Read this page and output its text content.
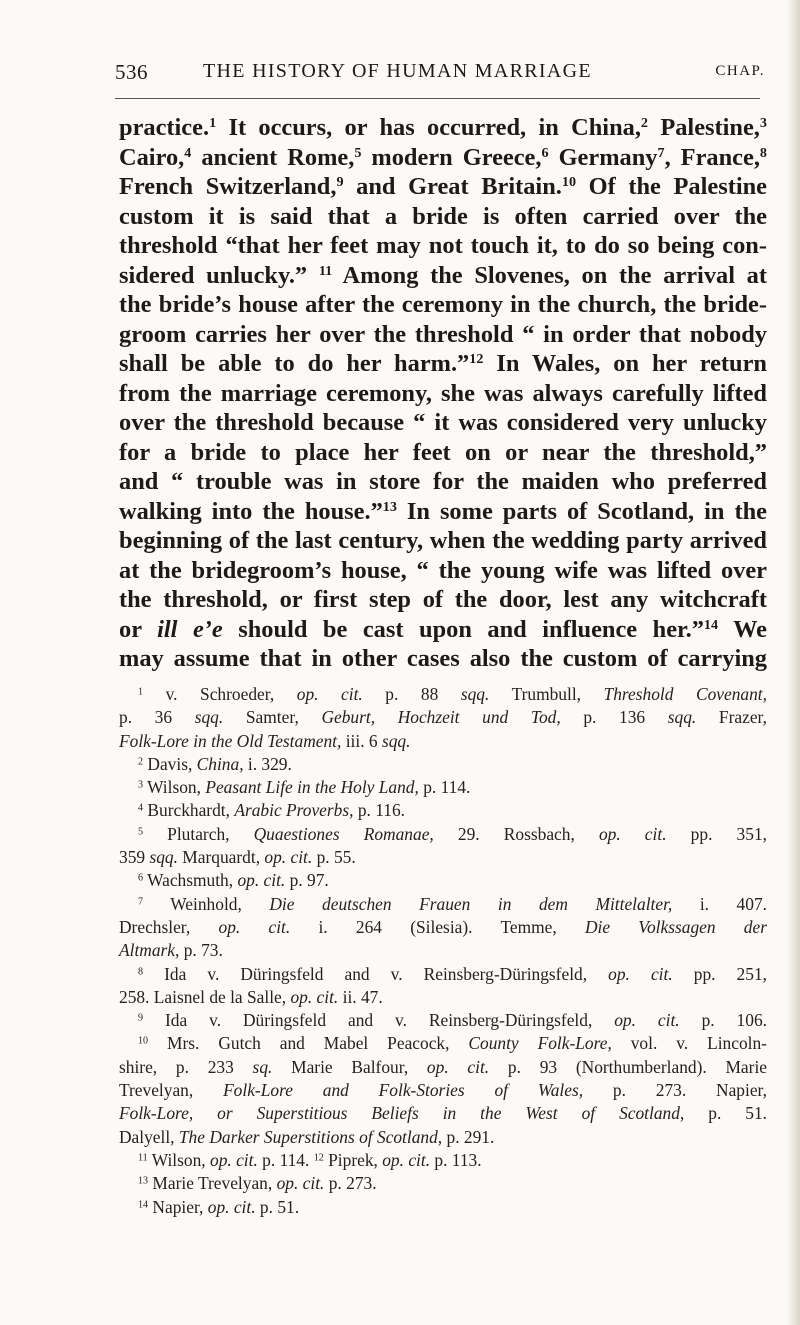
536	THE HISTORY OF HUMAN MARRIAGE	CHAP.
practice.$^1$ It occurs, or has occurred, in China,$^2$ Palestine,$^3$
Cairo,$^4$ ancient Rome,$^5$ modern Greece,$^6$ Germany$^7$, France,$^8$
French Switzerland,$^9$ and Great Britain.$^{10}$ Of the Palestine
custom it is said that a bride is often carried over the
threshold “that her feet may not touch it, to do so being con-
sidered unlucky.” $^{11}$ Among the Slovenes, on the arrival at
the bride’s house after the ceremony in the church, the bride-
groom carries her over the threshold “ in order that nobody
shall be able to do her harm.”$^{12}$ In Wales, on her return
from the marriage ceremony, she was always carefully lifted
over the threshold because “ it was considered very unlucky
for a bride to place her feet on or near the threshold,”
and “ trouble was in store for the maiden who preferred
walking into the house.”$^{13}$ In some parts of Scotland, in the
beginning of the last century, when the wedding party arrived
at the bridegroom’s house, “ the young wife was lifted over
the threshold, or first step of the door, lest any witchcraft
or ill e’e should be cast upon and influence her.”$^{14}$ We
may assume that in other cases also the custom of carrying
$^1$ v. Schroeder, op. cit. p. 88 sqq. Trumbull, Threshold Covenant,
p. 36 sqq. Samter, Geburt, Hochzeit und Tod, p. 136 sqq. Frazer,
Folk-Lore in the Old Testament, iii. 6 sqq.
$^2$ Davis, China, i. 329.
$^3$ Wilson, Peasant Life in the Holy Land, p. 114.
$^4$ Burckhardt, Arabic Proverbs, p. 116.
$^5$ Plutarch, Quaestiones Romanae, 29. Rossbach, op. cit. pp. 351,
359 sqq. Marquardt, op. cit. p. 55.
$^6$ Wachsmuth, op. cit. p. 97.
$^7$ Weinhold, Die deutschen Frauen in dem Mittelalter, i. 407.
Drechsler, op. cit. i. 264 (Silesia). Temme, Die Volkssagen der
Altmark, p. 73.
$^8$ Ida v. Düringsfeld and v. Reinsberg-Düringsfeld, op. cit. pp. 251,
258. Laisnel de la Salle, op. cit. ii. 47.
$^9$ Ida v. Düringsfeld and v. Reinsberg-Düringsfeld, op. cit. p. 106.
$^{10}$ Mrs. Gutch and Mabel Peacock, County Folk-Lore, vol. v. Lincoln-
shire, p. 233 sq. Marie Balfour, op. cit. p. 93 (Northumberland). Marie
Trevelyan, Folk-Lore and Folk-Stories of Wales, p. 273. Napier,
Folk-Lore, or Superstitious Beliefs in the West of Scotland, p. 51.
Dalyell, The Darker Superstitions of Scotland, p. 291.
$^{11}$ Wilson, op. cit. p. 114. $^{12}$ Piprek, op. cit. p. 113.
$^{13}$ Marie Trevelyan, op. cit. p. 273.
$^{14}$ Napier, op. cit. p. 51.
